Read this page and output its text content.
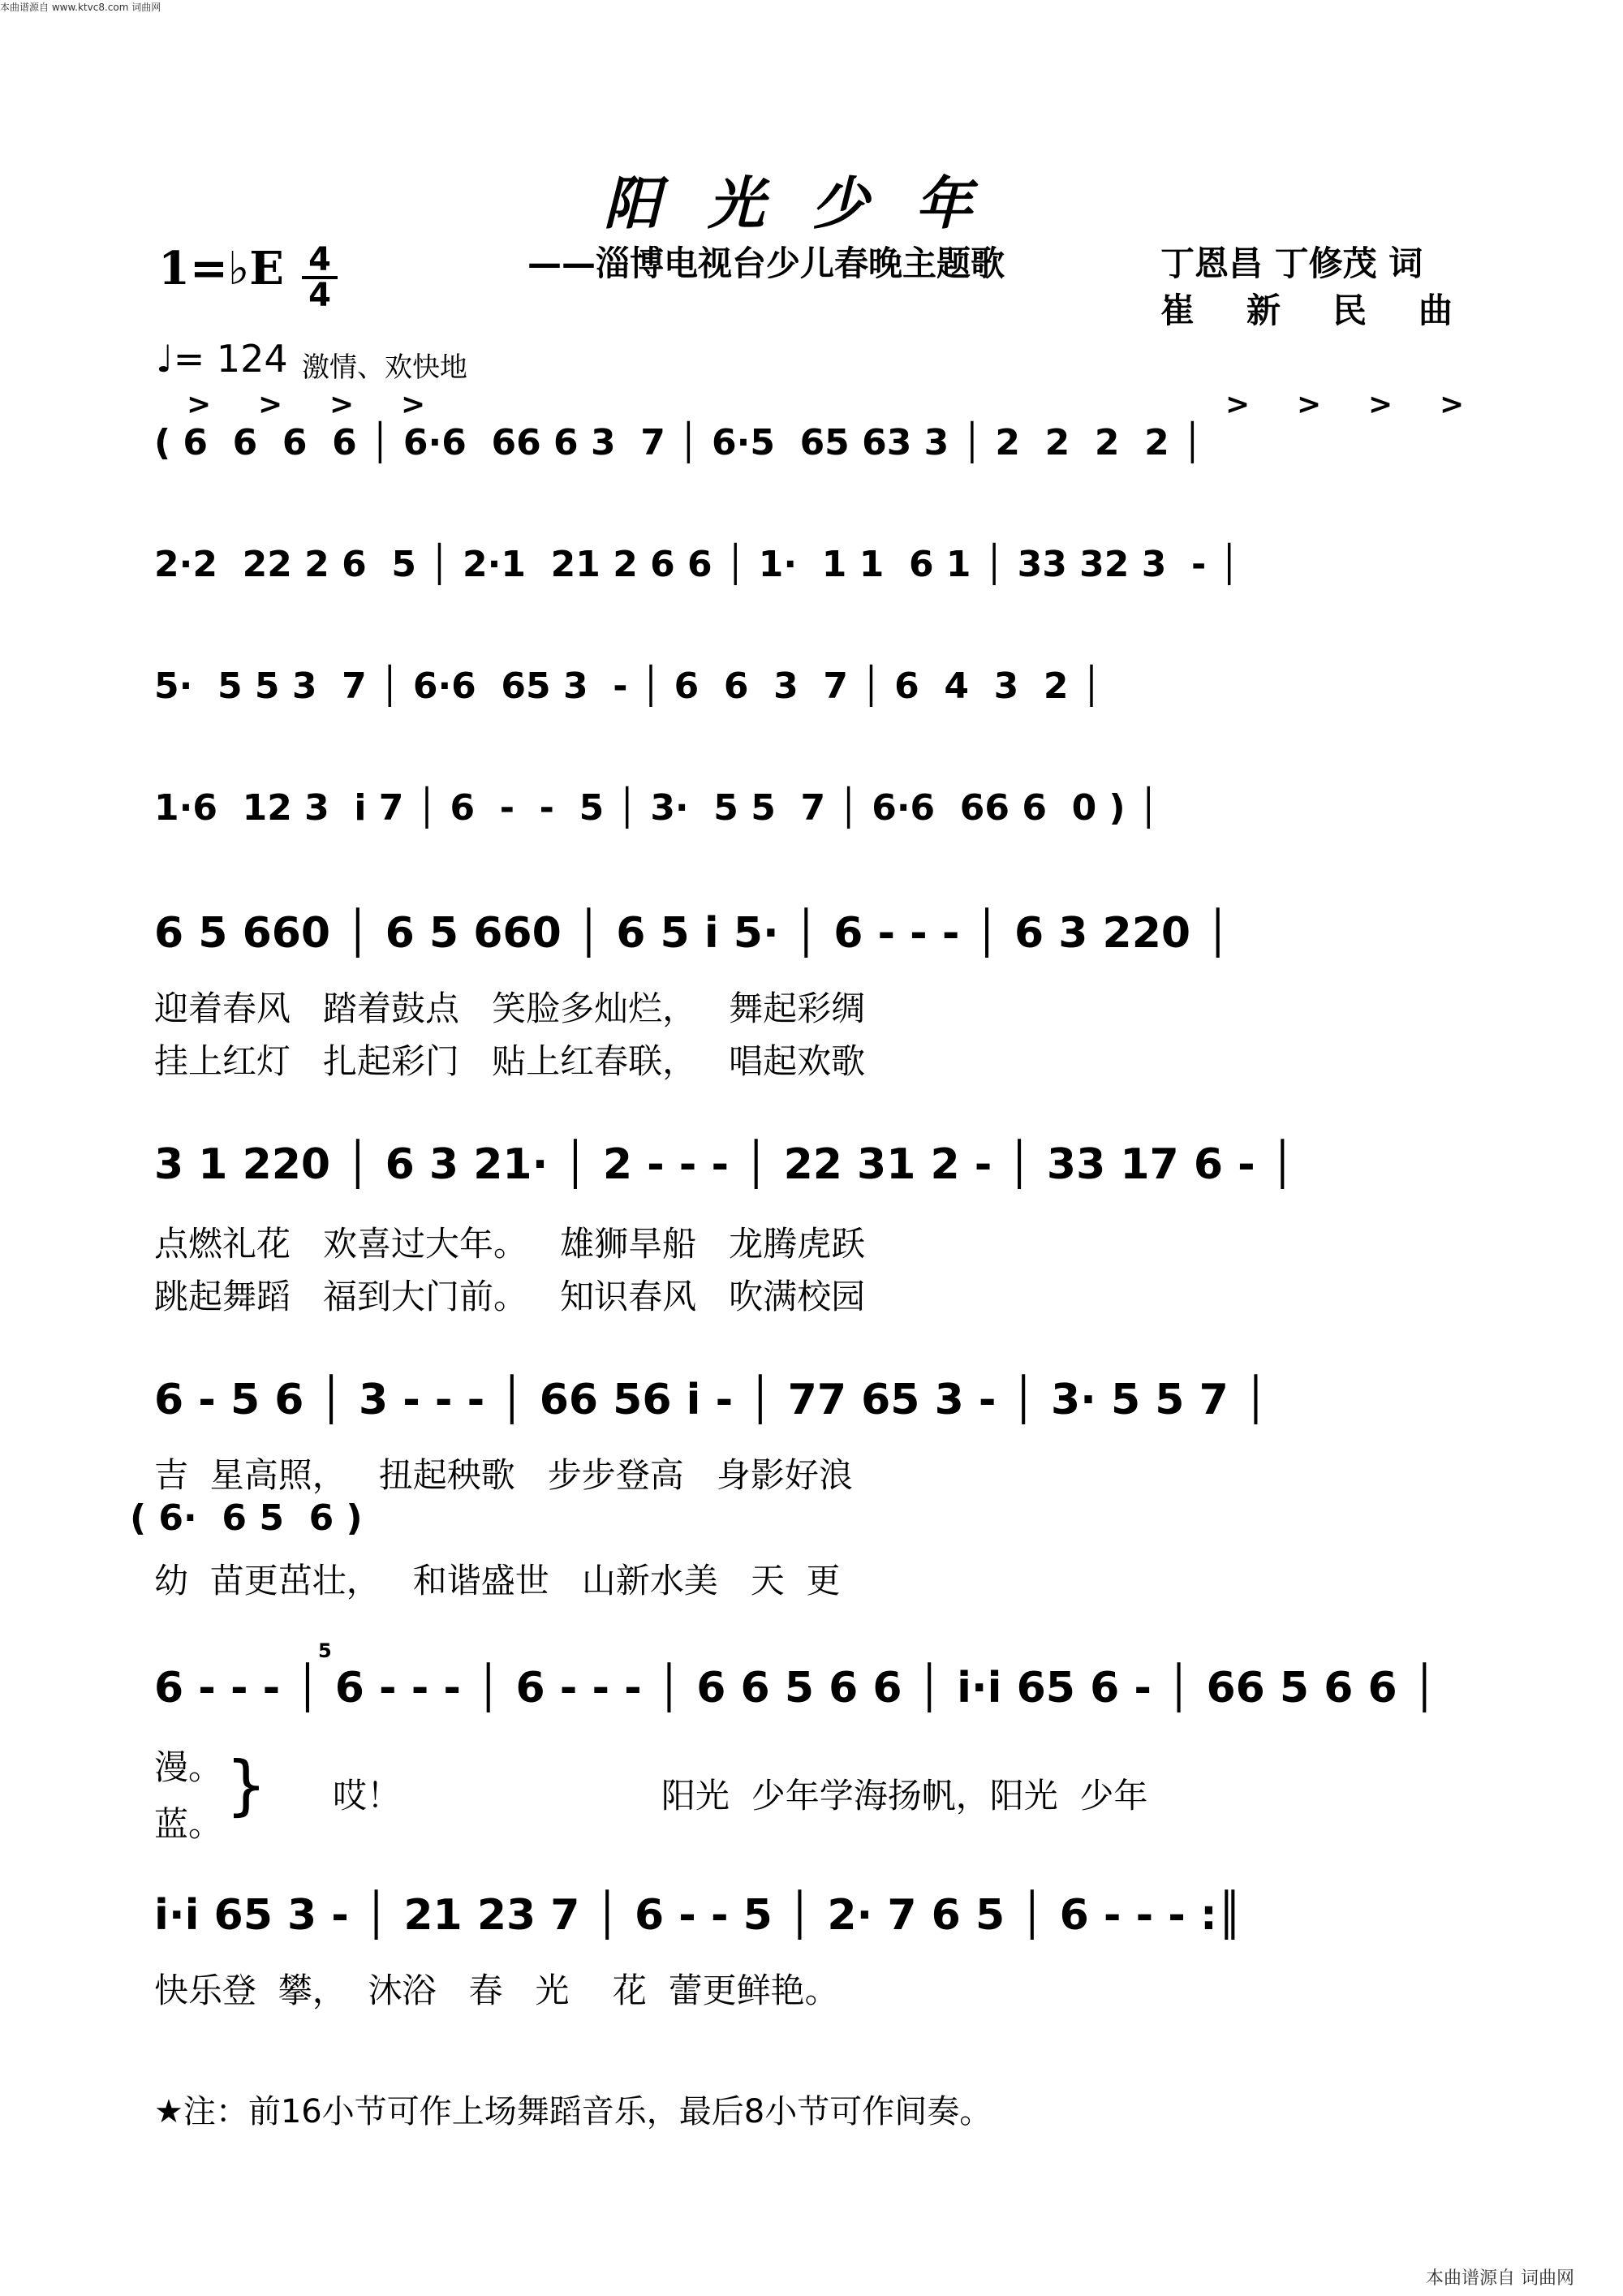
本曲谱源自 www.ktvc8.com 词曲网
阳光少年
——淄博电视台少儿春晚主题歌	丁恩昌 丁修茂 词
崔新民曲
1=♭E 4
4
♩= 124 激情、欢快地
> > > >	> > > >
( 6  6  6  6 │ 6·6  66 6 3  7 │ 6·5  65 63 3 │ 2  2  2  2 │
2·2  22 2 6  5 │ 2·1  21 2 6 6 │ 1·  1 1  6 1 │ 33 32 3  - │
5·  5 5 3  7 │ 6·6  65 3  - │ 6  6  3  7 │ 6  4  3  2 │
1·6  12 3  i 7 │ 6  -  -  5 │ 3·  5 5  7 │ 6·6  66 6  0 ) │
6 5 660 │ 6 5 660 │ 6 5 i 5· │ 6 - - - │ 6 3 220 │
迎着春风   踏着鼓点   笑脸多灿烂，   舞起彩绸
挂上红灯   扎起彩门   贴上红春联，   唱起欢歌
3 1 220 │ 6 3 21· │ 2 - - - │ 22 31 2 - │ 33 17 6 - │
点燃礼花   欢喜过大年。   雄狮旱船   龙腾虎跃
跳起舞蹈   福到大门前。   知识春风   吹满校园
6 - 5 6 │ 3 - - - │ 66 56 i - │ 77 65 3 - │ 3· 5 5 7 │
吉  星高照，   扭起秧歌   步步登高   身影好浪
( 6·  6 5  6 )
幼  苗更茁壮，   和谐盛世   山新水美   天  更
5
6 - - - │ 6 - - - │ 6 - - - │ 6 6 5 6 6 │ i·i 65 6 - │ 66 5 6 6 │
漫。
蓝。
} 哎！	阳光  少年学海扬帆，阳光  少年
i·i 65 3 - │ 21 23 7 │ 6 - - 5 │ 2· 7 6 5 │ 6 - - - :║
快乐登  攀，  沐浴   春   光    花  蕾更鲜艳。
★注：前16小节可作上场舞蹈音乐，最后8小节可作间奏。
本曲谱源自 词曲网
